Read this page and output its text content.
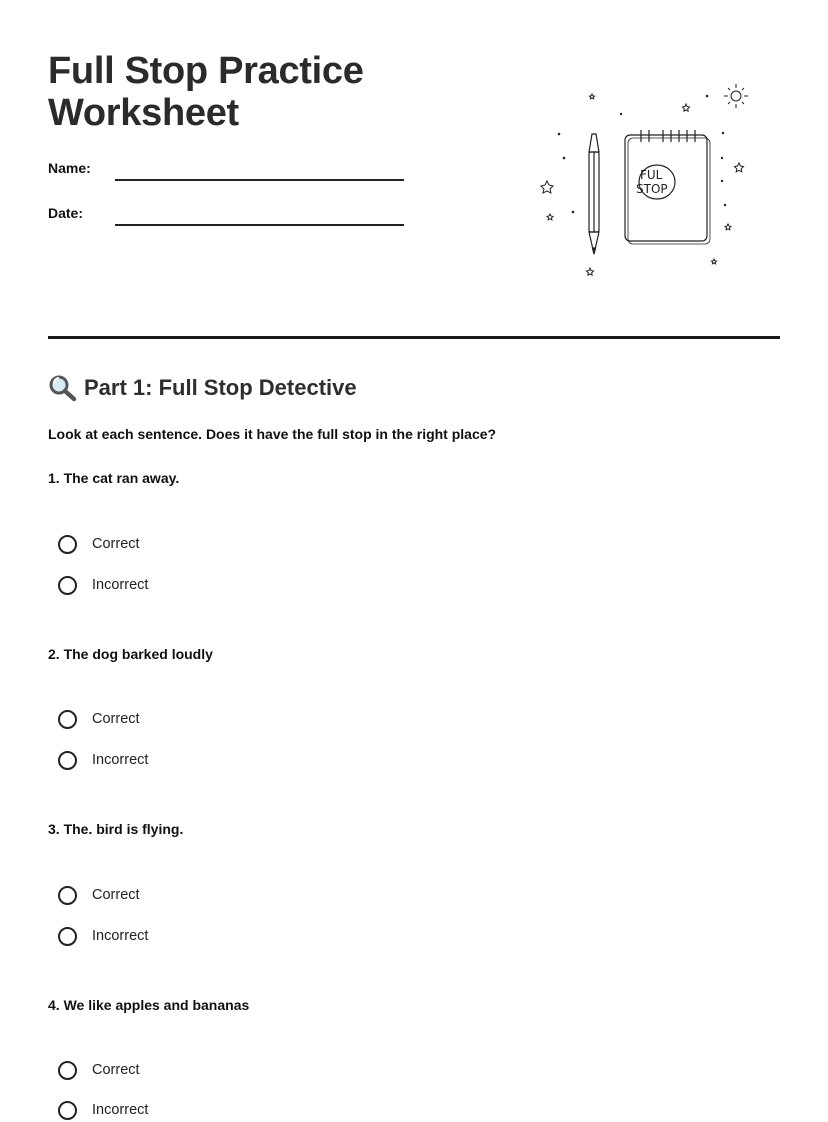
Full Stop Practice Worksheet
Name:
Date:
FUL
STOP
Part 1: Full Stop Detective
Look at each sentence. Does it have the full stop in the right place?
1. The cat ran away.
Correct
Incorrect
2. The dog barked loudly
Correct
Incorrect
3. The. bird is flying.
Correct
Incorrect
4. We like apples and bananas
Correct
Incorrect
